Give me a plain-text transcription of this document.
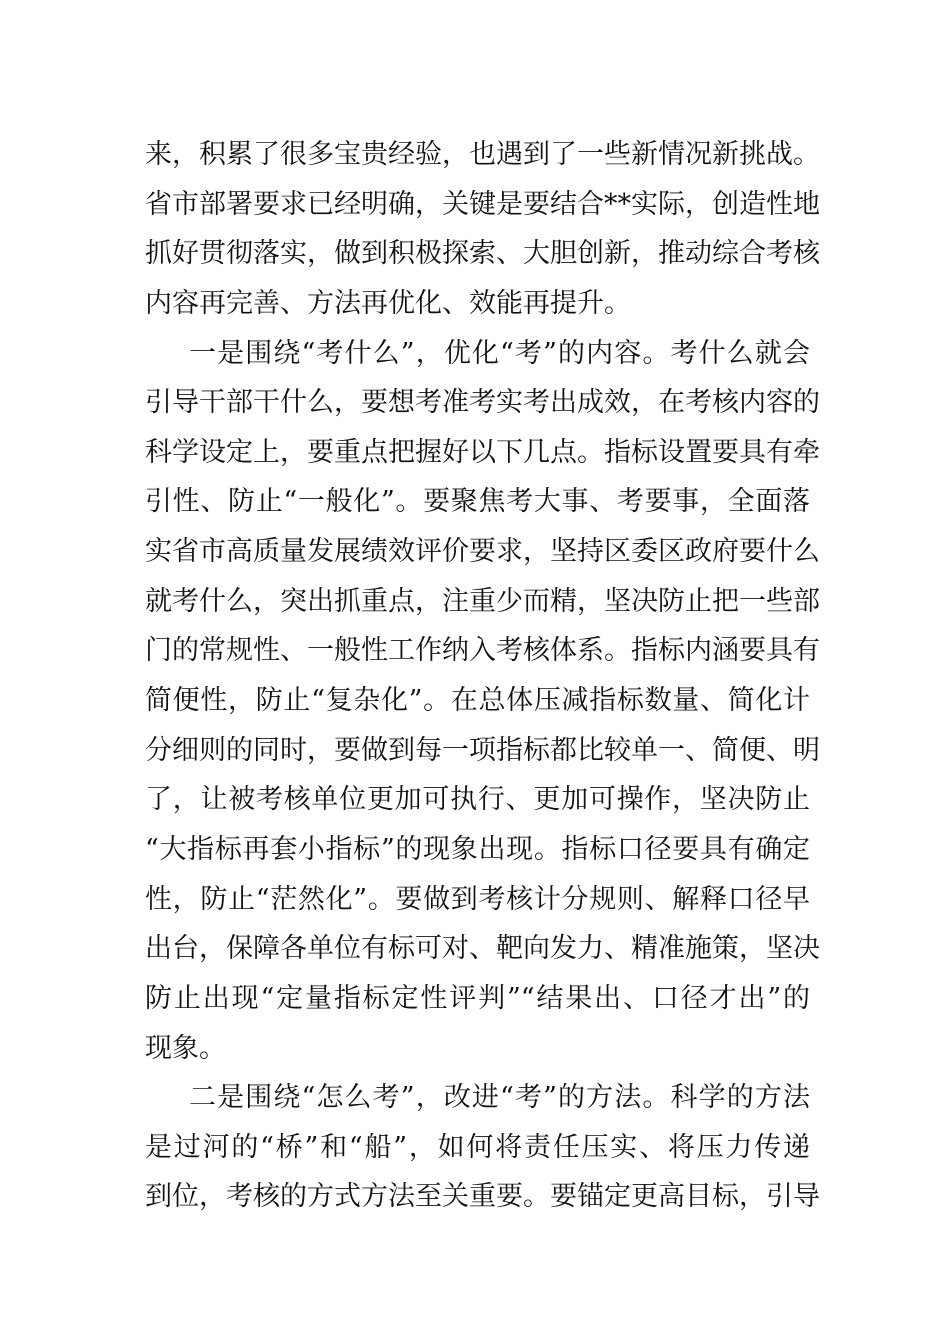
来，积累了很多宝贵经验，也遇到了一些新情况新挑战。
省市部署要求已经明确，关键是要结合**实际，创造性地
抓好贯彻落实，做到积极探索、大胆创新，推动综合考核
内容再完善、方法再优化、效能再提升。
一是围绕“考什么”，优化“考”的内容。考什么就会
引导干部干什么，要想考准考实考出成效，在考核内容的
科学设定上，要重点把握好以下几点。指标设置要具有牵
引性、防止“一般化”。要聚焦考大事、考要事，全面落
实省市高质量发展绩效评价要求，坚持区委区政府要什么
就考什么，突出抓重点，注重少而精，坚决防止把一些部
门的常规性、一般性工作纳入考核体系。指标内涵要具有
简便性，防止“复杂化”。在总体压减指标数量、简化计
分细则的同时，要做到每一项指标都比较单一、简便、明
了，让被考核单位更加可执行、更加可操作，坚决防止
“大指标再套小指标”的现象出现。指标口径要具有确定
性，防止“茫然化”。要做到考核计分规则、解释口径早
出台，保障各单位有标可对、靶向发力、精准施策，坚决
防止出现“定量指标定性评判”“结果出、口径才出”的
现象。
二是围绕“怎么考”，改进“考”的方法。科学的方法
是过河的“桥”和“船”，如何将责任压实、将压力传递
到位，考核的方式方法至关重要。要锚定更高目标，引导
